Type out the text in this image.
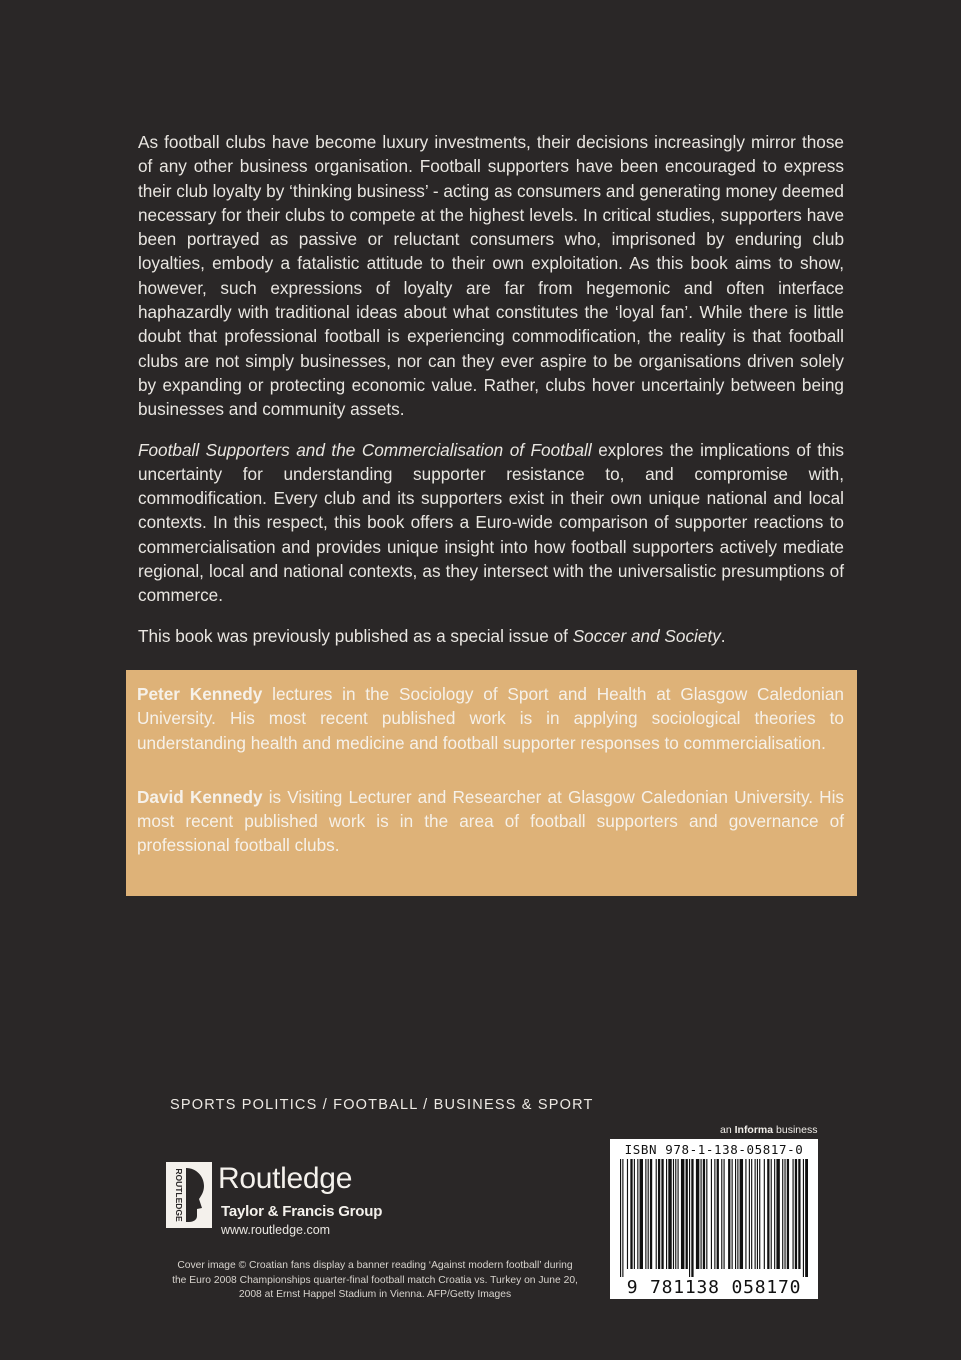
As football clubs have become luxury investments, their decisions increasingly mirror those of any other business organisation. Football supporters have been encouraged to express their club loyalty by ‘thinking business’ - acting as consumers and generating money deemed necessary for their clubs to compete at the highest levels. In critical studies, supporters have been portrayed as passive or reluctant consumers who, imprisoned by enduring club loyalties, embody a fatalistic attitude to their own exploitation. As this book aims to show, however, such expressions of loyalty are far from hegemonic and often interface haphazardly with traditional ideas about what constitutes the ‘loyal fan’. While there is little doubt that professional football is experiencing commodification, the reality is that football clubs are not simply businesses, nor can they ever aspire to be organisations driven solely by expanding or protecting economic value. Rather, clubs hover uncertainly between being businesses and community assets.

Football Supporters and the Commercialisation of Football explores the implications of this uncertainty for understanding supporter resistance to, and compromise with, commodification. Every club and its supporters exist in their own unique national and local contexts. In this respect, this book offers a Euro-wide comparison of supporter reactions to commercialisation and provides unique insight into how football supporters actively mediate regional, local and national contexts, as they intersect with the universalistic presumptions of commerce.

This book was previously published as a special issue of Soccer and Society.

Peter Kennedy lectures in the Sociology of Sport and Health at Glasgow Caledonian University. His most recent published work is in applying sociological theories to understanding health and medicine and football supporter responses to commercialisation.

David Kennedy is Visiting Lecturer and Researcher at Glasgow Caledonian University. His most recent published work is in the area of football supporters and governance of professional football clubs.

SPORTS POLITICS / FOOTBALL / BUSINESS & SPORT
an Informa business
ROUTLEDGE Routledge
Taylor & Francis Group
www.routledge.com
Cover image © Croatian fans display a banner reading ‘Against modern football’ during the Euro 2008 Championships quarter-final football match Croatia vs. Turkey on June 20, 2008 at Ernst Happel Stadium in Vienna. AFP/Getty Images
ISBN 978-1-138-05817-0
9 781138 058170
